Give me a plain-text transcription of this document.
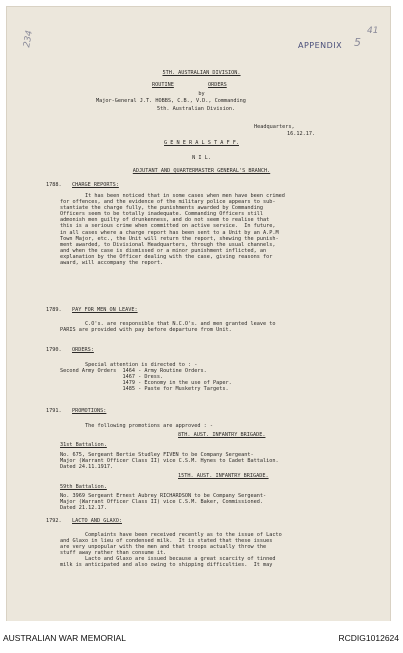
234	41
APPENDIX 5
5TH. AUSTRALIAN DIVISION.
ROUTINE	ORDERS
by
Major-General J.T. HOBBS, C.B., V.D., Commanding
5th. Australian Division.
Headquarters,
16.12.17.
G E N E R A L S T A F F.
N I L.
ADJUTANT AND QUARTERMASTER GENERAL'S BRANCH.
1788. CHARGE REPORTS:
It has been noticed that in some cases when men have been crimed
for offences, and the evidence of the military police appears to sub-
stantiate the charge fully, the punishments awarded by Commanding
Officers seem to be totally inadequate. Commanding Officers still
admonish men guilty of drunkenness, and do not seem to realise that
this is a serious crime when committed on active service.  In future,
in all cases where a charge report has been sent to a Unit by an A.P.M
Town Major, etc., the Unit will return the report, shewing the punish-
ment awarded, to Divisional Headquarters, through the usual channels,
and when the case is dismissed or a minor punishment inflicted, an
explanation by the Officer dealing with the case, giving reasons for
award, will accompany the report.
1789. PAY FOR MEN ON LEAVE:
C.O's. are responsible that N.C.O's. and men granted leave to
PARIS are provided with pay before departure from Unit.
1790. ORDERS:
Special attention is directed to : -
Second Army Orders  1464 - Army Routine Orders.
1467 - Dress.
1479 - Economy in the use of Paper.
1485 - Paste for Musketry Targets.
1791. PROMOTIONS:
The following promotions are approved : -
8TH. AUST. INFANTRY BRIGADE.
31st Battalion.
No. 675, Sergeant Bertie Studley FIVEN to be Company Sergeant-
Major (Warrant Officer Class II) vice C.S.M. Hynes to Cadet Battalion.
Dated 24.11.1917.
15TH. AUST. INFANTRY BRIGADE.
59th Battalion.
No. 3969 Sergeant Ernest Aubrey RICHARDSON to be Company Sergeant-
Major (Warrant Officer Class II) vice C.S.M. Baker, Commissioned.
Dated 21.12.17.
1792. LACTO AND GLAXO:
Complaints have been received recently as to the issue of Lacto
and Glaxo in lieu of condensed milk.  It is stated that these issues
are very unpopular with the men and that troops actually throw the
stuff away rather than consume it.
Lacto and Glaxo are issued because a great scarcity of tinned
milk is anticipated and also owing to shipping difficulties.  It may
AUSTRALIAN WAR MEMORIAL	RCDIG1012624
